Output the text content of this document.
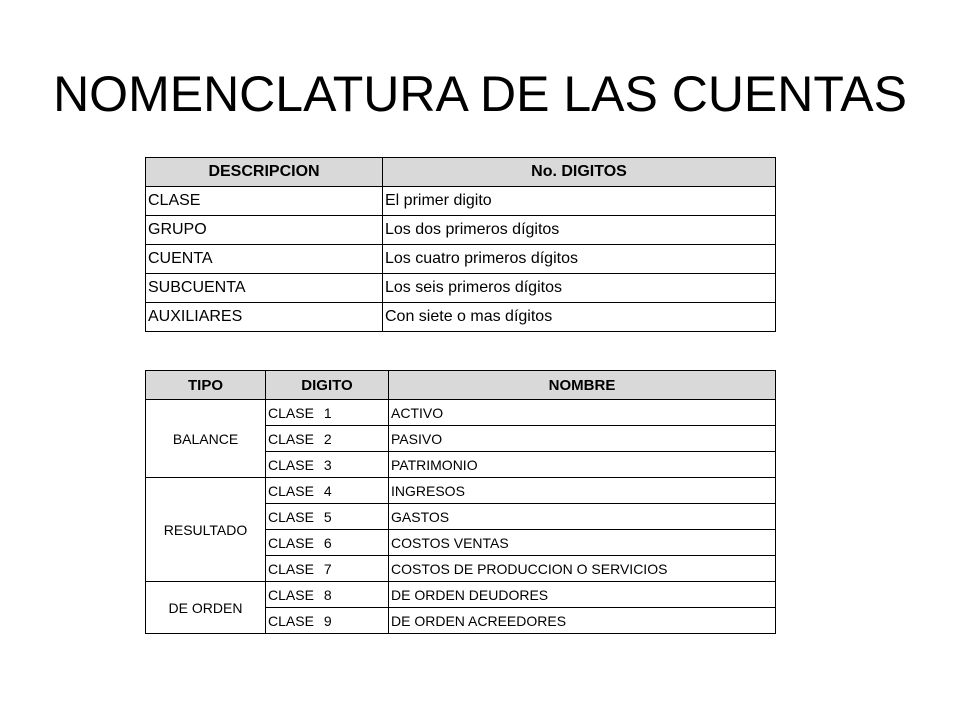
NOMENCLATURA DE LAS CUENTAS
DESCRIPCION	No. DIGITOS
CLASE	El primer digito
GRUPO	Los dos primeros dígitos
CUENTA	Los cuatro primeros dígitos
SUBCUENTA	Los seis primeros dígitos
AUXILIARES	Con siete o mas dígitos
TIPO	DIGITO	NOMBRE
BALANCE	CLASE 1	ACTIVO
	CLASE 2	PASIVO
	CLASE 3	PATRIMONIO
RESULTADO	CLASE 4	INGRESOS
	CLASE 5	GASTOS
	CLASE 6	COSTOS VENTAS
	CLASE 7	COSTOS DE PRODUCCION O SERVICIOS
DE ORDEN	CLASE 8	DE ORDEN DEUDORES
	CLASE 9	DE ORDEN ACREEDORES
